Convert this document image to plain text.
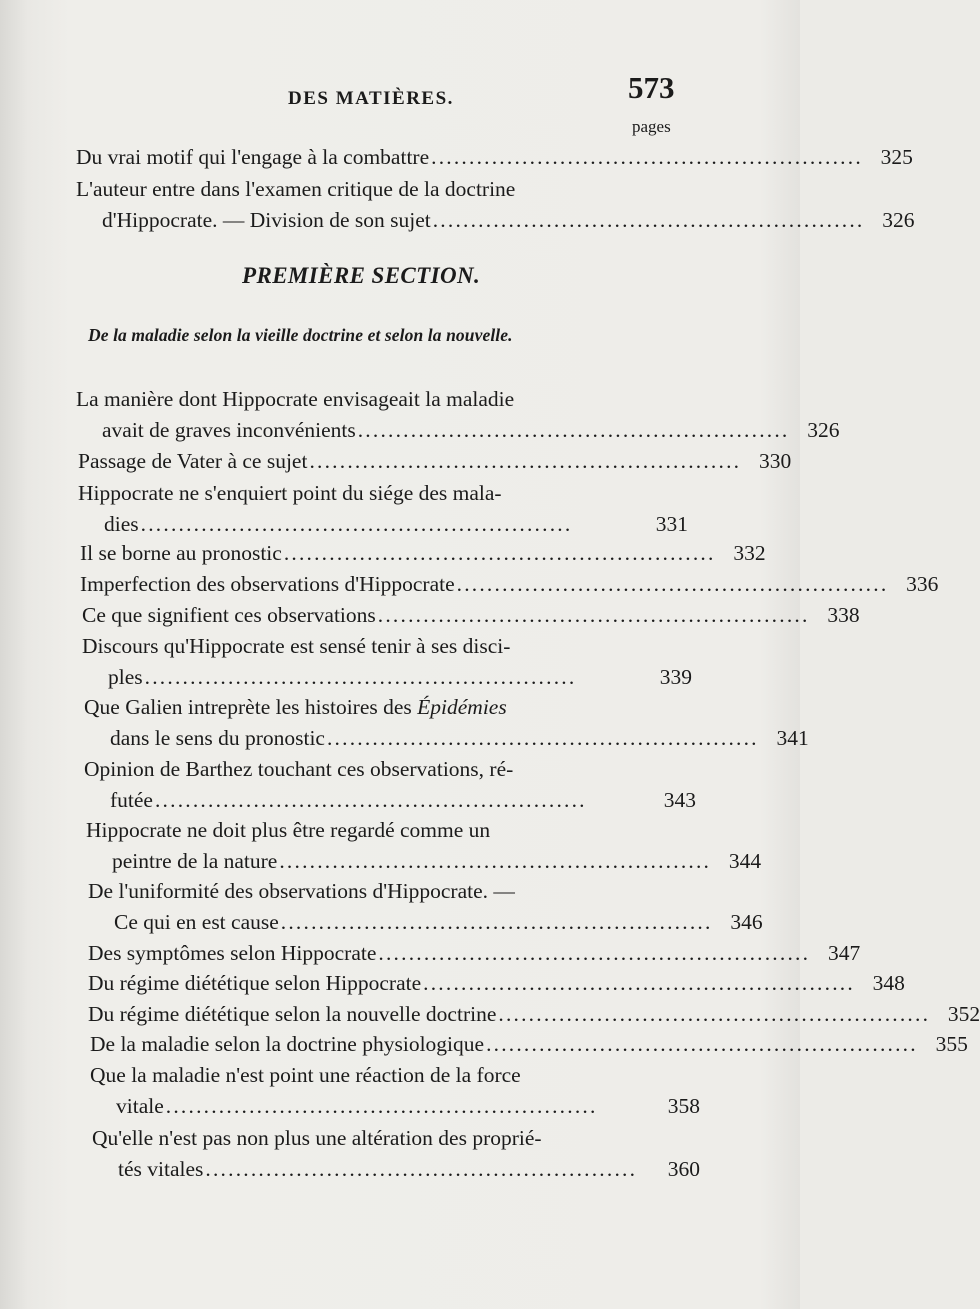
DES MATIÈRES.	573
pages
Du vrai motif qui l'engage à la combattre ......................................................... 325
L'auteur entre dans l'examen critique de la doctrine
d'Hippocrate. — Division de son sujet ......................................................... 326
PREMIÈRE SECTION.
De la maladie selon la vieille doctrine et selon la nouvelle.
La manière dont Hippocrate envisageait la maladie
avait de graves inconvénients ......................................................... 326
Passage de Vater à ce sujet ......................................................... 330
Hippocrate ne s'enquiert point du siége des mala-
dies .........................................................	331
Il se borne au pronostic ......................................................... 332
Imperfection des observations d'Hippocrate ......................................................... 336
Ce que signifient ces observations ......................................................... 338
Discours qu'Hippocrate est sensé tenir à ses disci-
ples .........................................................	339
Que Galien intreprète les histoires des Épidémies
dans le sens du pronostic ......................................................... 341
Opinion de Barthez touchant ces observations, ré-
futée .........................................................	343
Hippocrate ne doit plus être regardé comme un
peintre de la nature ......................................................... 344
De l'uniformité des observations d'Hippocrate. —
Ce qui en est cause ......................................................... 346
Des symptômes selon Hippocrate ......................................................... 347
Du régime diététique selon Hippocrate ......................................................... 348
Du régime diététique selon la nouvelle doctrine ......................................................... 352
De la maladie selon la doctrine physiologique ......................................................... 355
Que la maladie n'est point une réaction de la force
vitale .........................................................	358
Qu'elle n'est pas non plus une altération des proprié-
tés vitales .........................................................	360
